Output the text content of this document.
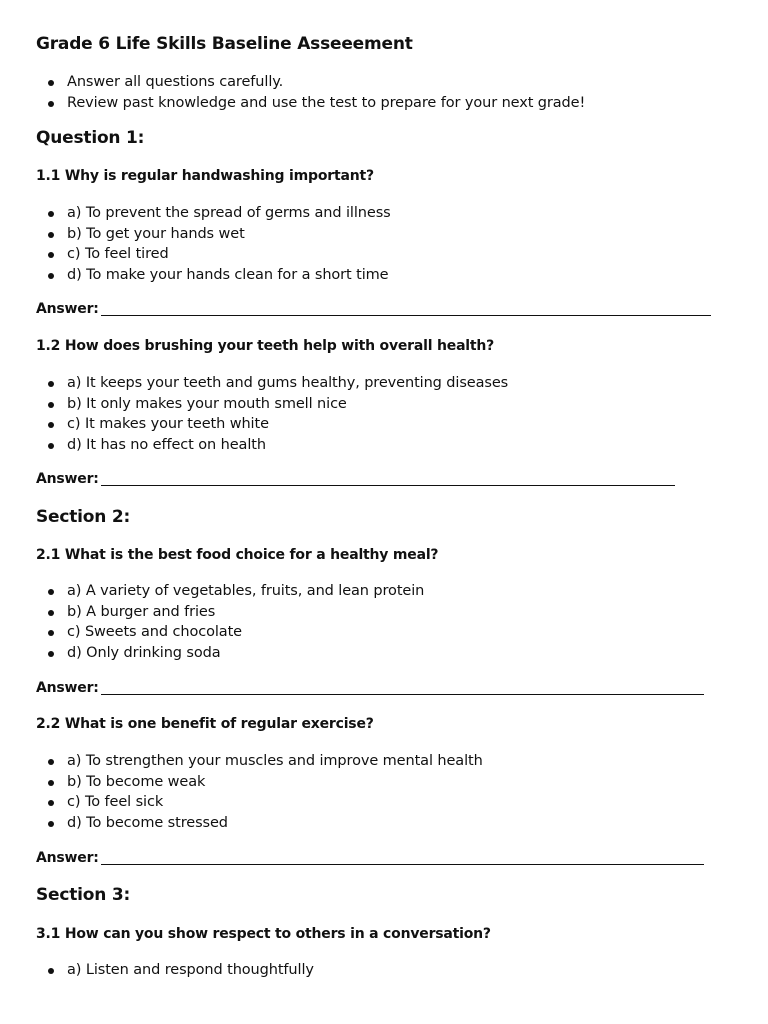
Grade 6 Life Skills Baseline Asseeement
Answer all questions carefully.
Review past knowledge and use the test to prepare for your next grade!
Question 1:
1.1 Why is regular handwashing important?
a) To prevent the spread of germs and illness
b) To get your hands wet
c) To feel tired
d) To make your hands clean for a short time
Answer:
1.2 How does brushing your teeth help with overall health?
a) It keeps your teeth and gums healthy, preventing diseases
b) It only makes your mouth smell nice
c) It makes your teeth white
d) It has no effect on health
Answer:
Section 2:
2.1 What is the best food choice for a healthy meal?
a) A variety of vegetables, fruits, and lean protein
b) A burger and fries
c) Sweets and chocolate
d) Only drinking soda
Answer:
2.2 What is one benefit of regular exercise?
a) To strengthen your muscles and improve mental health
b) To become weak
c) To feel sick
d) To become stressed
Answer:
Section 3:
3.1 How can you show respect to others in a conversation?
a) Listen and respond thoughtfully
